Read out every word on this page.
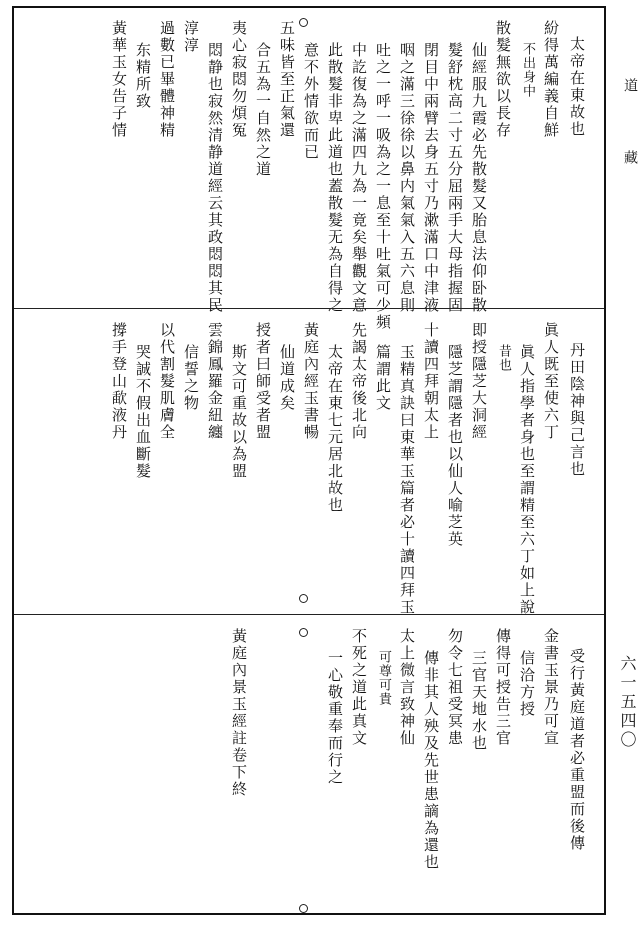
道 藏
六一五四〇
太帝在東故也
紛得萬編義自鮮
不出身中
散髮無欲以長存
仙經服九霞必先散髮又胎息法仰卧散
髮舒枕高二寸五分屈兩手大母指握固
閉目中兩臂去身五寸乃漱滿口中津液
咽之滿三徐徐以鼻内氣氣入五六息則
吐之一呼一吸為之一息至十吐氣可少頻
中訖復為之滿四九為一竟矣舉觀文意
此散髮非卑此道也蓋散髮无為自得之
意不外情欲而已
五味皆至正氣還
合五為一自然之道
夷心寂悶勿煩冤
悶静也寂然清静道經云其政悶悶其民
淳淳
過數已畢體神精
东精所致
黃華玉女告子情
丹田陰神與己言也
眞人既至使六丁
眞人指學者身也至謂精至六丁如上說
昔也
即授隱芝大洞經
隱芝謂隱者也以仙人喻芝英
十讀四拜朝太上
玉精真訣曰東華玉篇者必十讀四拜玉
篇謂此文
先謁太帝後北向
太帝在東七元居北故也
黃庭內經玉書暢
仙道成矣
授者曰師受者盟
斯文可重故以為盟
雲錦鳳羅金紐纏
信誓之物
以代割髮肌膚全
哭誠不假出血斷髮
撐手登山歃液丹
受行黃庭道者必重盟而後傳
金書玉景乃可宣
信洽方授
傳得可授告三官
三官天地水也
勿令七祖受冥患
傳非其人殃及先世患謫為還也
太上微言致神仙
可尊可貴
不死之道此真文
一心敬重奉而行之
黃庭內景玉經註卷下終
